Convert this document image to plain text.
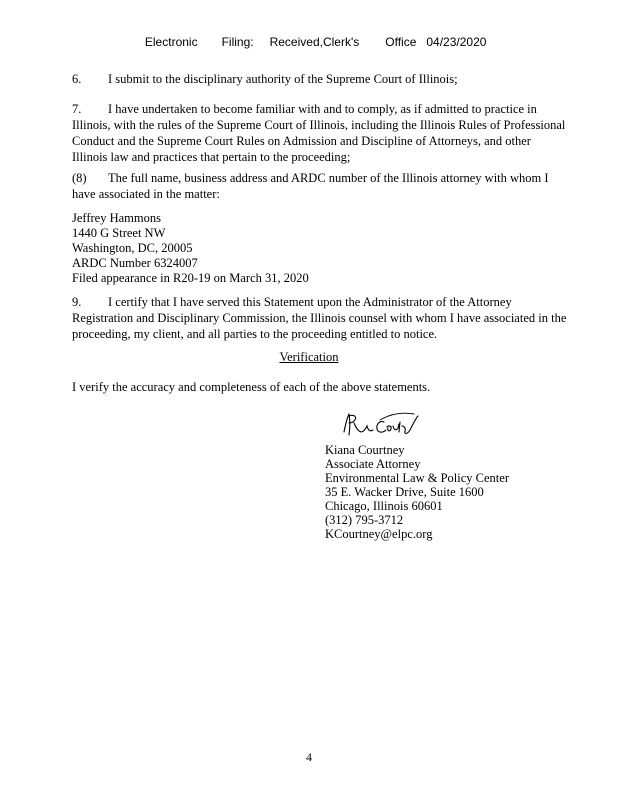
Electronic Filing: Received,Clerk's Office 04/23/2020

6. I submit to the disciplinary authority of the Supreme Court of Illinois;
7. I have undertaken to become familiar with and to comply, as if admitted to practice in
Illinois, with the rules of the Supreme Court of Illinois, including the Illinois Rules of Professional
Conduct and the Supreme Court Rules on Admission and Discipline of Attorneys, and other
Illinois law and practices that pertain to the proceeding;
(8) The full name, business address and ARDC number of the Illinois attorney with whom I
have associated in the matter:
Jeffrey Hammons
1440 G Street NW
Washington, DC, 20005
ARDC Number 6324007
Filed appearance in R20-19 on March 31, 2020
9. I certify that I have served this Statement upon the Administrator of the Attorney
Registration and Disciplinary Commission, the Illinois counsel with whom I have associated in the
proceeding, my client, and all parties to the proceeding entitled to notice.
Verification
I verify the accuracy and completeness of each of the above statements.
Kiana Courtney
Associate Attorney
Environmental Law & Policy Center
35 E. Wacker Drive, Suite 1600
Chicago, Illinois 60601
(312) 795-3712
KCourtney@elpc.org
4
